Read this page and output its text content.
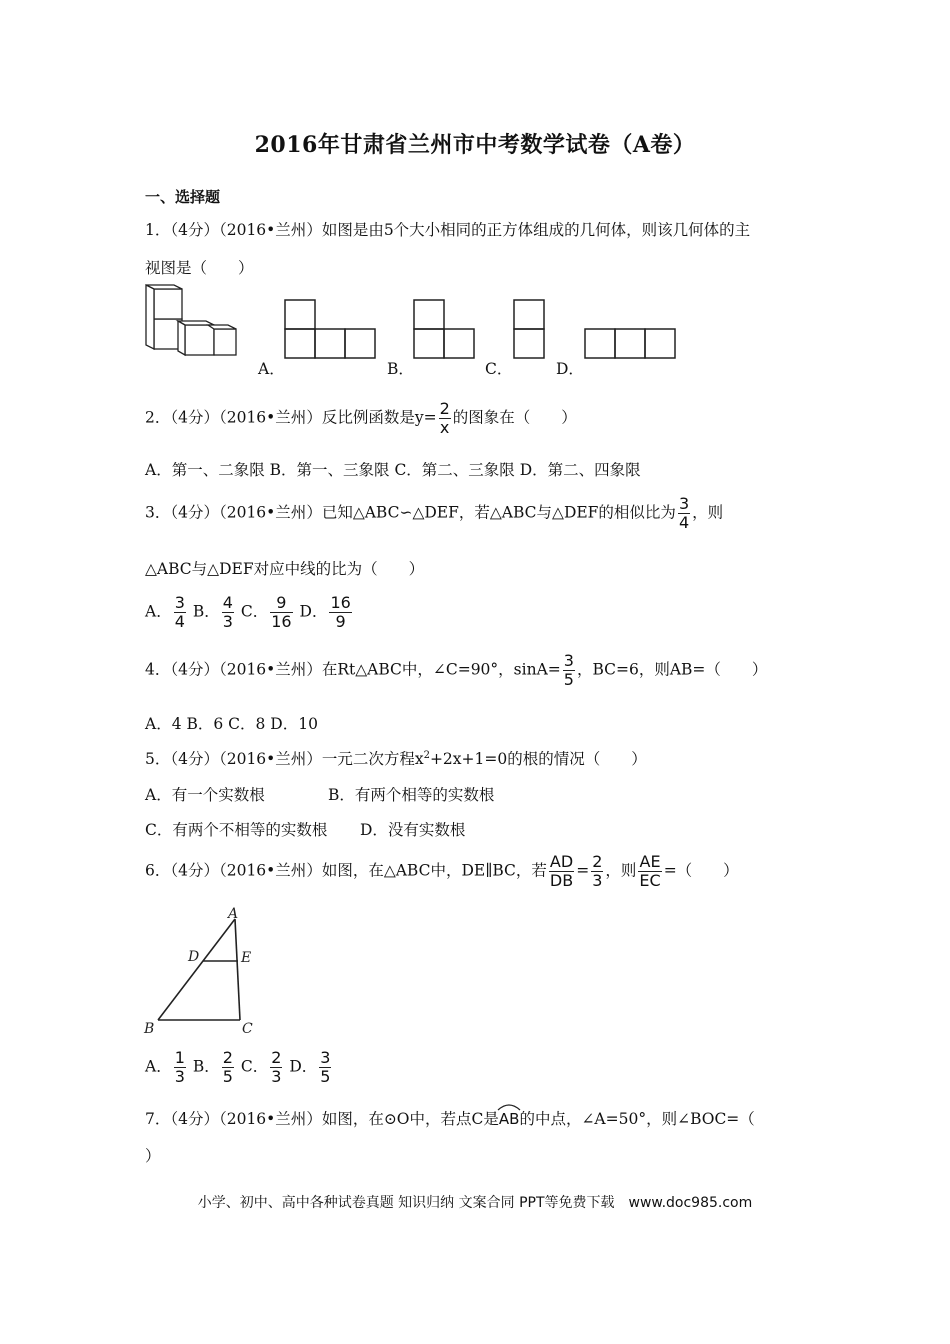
2016年甘肃省兰州市中考数学试卷（A卷）
一、选择题
1．（4分）（2016•兰州）如图是由5个大小相同的正方体组成的几何体，则该几何体的主
视图是（　　）
A．	B．	C．	D．
2．（4分）（2016•兰州）反比例函数是$y= \frac{2}{x}$ 的图象在（　　）
A．第一、二象限 B．第一、三象限 C．第二、三象限 D．第二、四象限
3．（4分）（2016•兰州）已知△ABC∽△DEF，若△ABC与△DEF的相似比为 $\frac{3}{4}$ ，则
△ABC与△DEF对应中线的比为（　　）
A． $\frac{3}{4}$ B． $\frac{4}{3}$ C． $\frac{9}{16}$ D． $\frac{16}{9}$
4．（4分）（2016•兰州）在Rt△ABC中，∠C=90°，$\sin A= \frac{3}{5}$ ，BC=6，则AB=（　　）
A．4 B．6 C．8 D．10
5．（4分）（2016•兰州）一元二次方程$x^2+2x+1=0$的根的情况（　　）
A．有一个实数根	B．有两个相等的实数根
C．有两个不相等的实数根 D．没有实数根
6．（4分）（2016•兰州）如图，在△ABC中，DE∥BC，若 $\frac{AD}{DB} = \frac{2}{3}$ ，则 $\frac{AE}{EC}$ =（　　）
A
D	E
B	C
A． $\frac{1}{3}$ B． $\frac{2}{5}$ C． $\frac{2}{3}$ D． $\frac{3}{5}$
7．（4分）（2016•兰州）如图，在⊙O中，若点C是
AB的中点，∠A=50°，则∠BOC=（
）
小学、初中、高中各种试卷真题 知识归纳 文案合同 PPT等免费下载　www.doc985.com
